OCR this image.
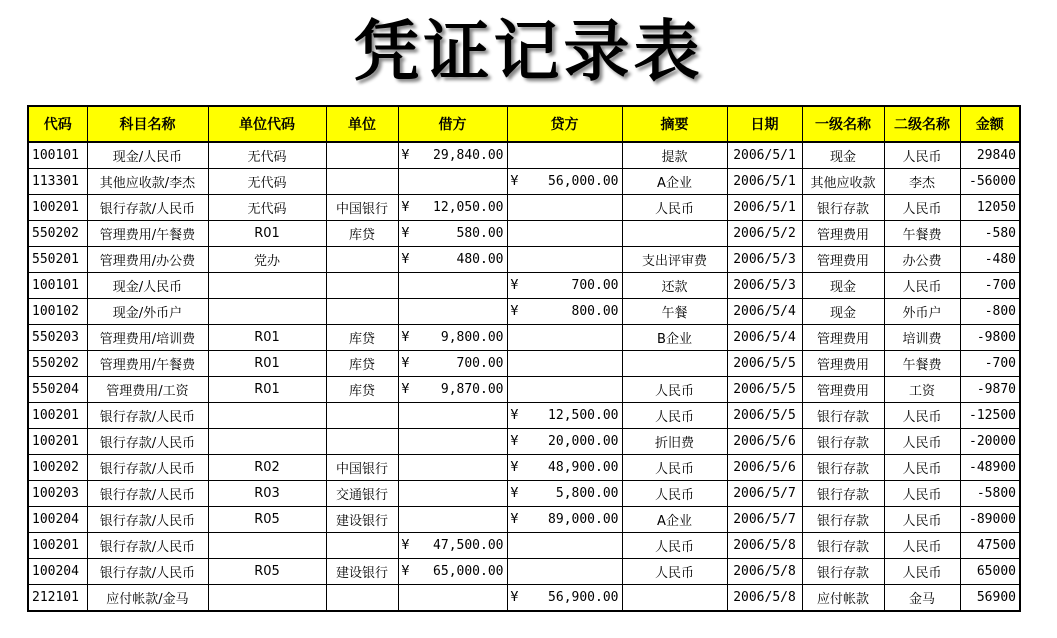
凭证记录表
代码	科目名称	单位代码	单位	借方	贷方	摘要	日期	一级名称	二级名称	金额
100101	现金/人民币	无代码		¥ 29,840.00		提款	2006/5/1	现金	人民币	29840
113301	其他应收款/李杰	无代码			¥ 56,000.00	A企业	2006/5/1	其他应收款	李杰	-56000
100201	银行存款/人民币	无代码	中国银行	¥ 12,050.00		人民币	2006/5/1	银行存款	人民币	12050
550202	管理费用/午餐费	R01	库贷	¥ 580.00			2006/5/2	管理费用	午餐费	-580
550201	管理费用/办公费	党办		¥ 480.00		支出评审费	2006/5/3	管理费用	办公费	-480
100101	现金/人民币				¥ 700.00	还款	2006/5/3	现金	人民币	-700
100102	现金/外币户				¥ 800.00	午餐	2006/5/4	现金	外币户	-800
550203	管理费用/培训费	R01	库贷	¥ 9,800.00		B企业	2006/5/4	管理费用	培训费	-9800
550202	管理费用/午餐费	R01	库贷	¥ 700.00			2006/5/5	管理费用	午餐费	-700
550204	管理费用/工资	R01	库贷	¥ 9,870.00		人民币	2006/5/5	管理费用	工资	-9870
100201	银行存款/人民币				¥ 12,500.00	人民币	2006/5/5	银行存款	人民币	-12500
100201	银行存款/人民币				¥ 20,000.00	折旧费	2006/5/6	银行存款	人民币	-20000
100202	银行存款/人民币	R02	中国银行		¥ 48,900.00	人民币	2006/5/6	银行存款	人民币	-48900
100203	银行存款/人民币	R03	交通银行		¥ 5,800.00	人民币	2006/5/7	银行存款	人民币	-5800
100204	银行存款/人民币	R05	建设银行		¥ 89,000.00	A企业	2006/5/7	银行存款	人民币	-89000
100201	银行存款/人民币			¥ 47,500.00		人民币	2006/5/8	银行存款	人民币	47500
100204	银行存款/人民币	R05	建设银行	¥ 65,000.00		人民币	2006/5/8	银行存款	人民币	65000
212101	应付帐款/金马				¥ 56,900.00		2006/5/8	应付帐款	金马	56900
